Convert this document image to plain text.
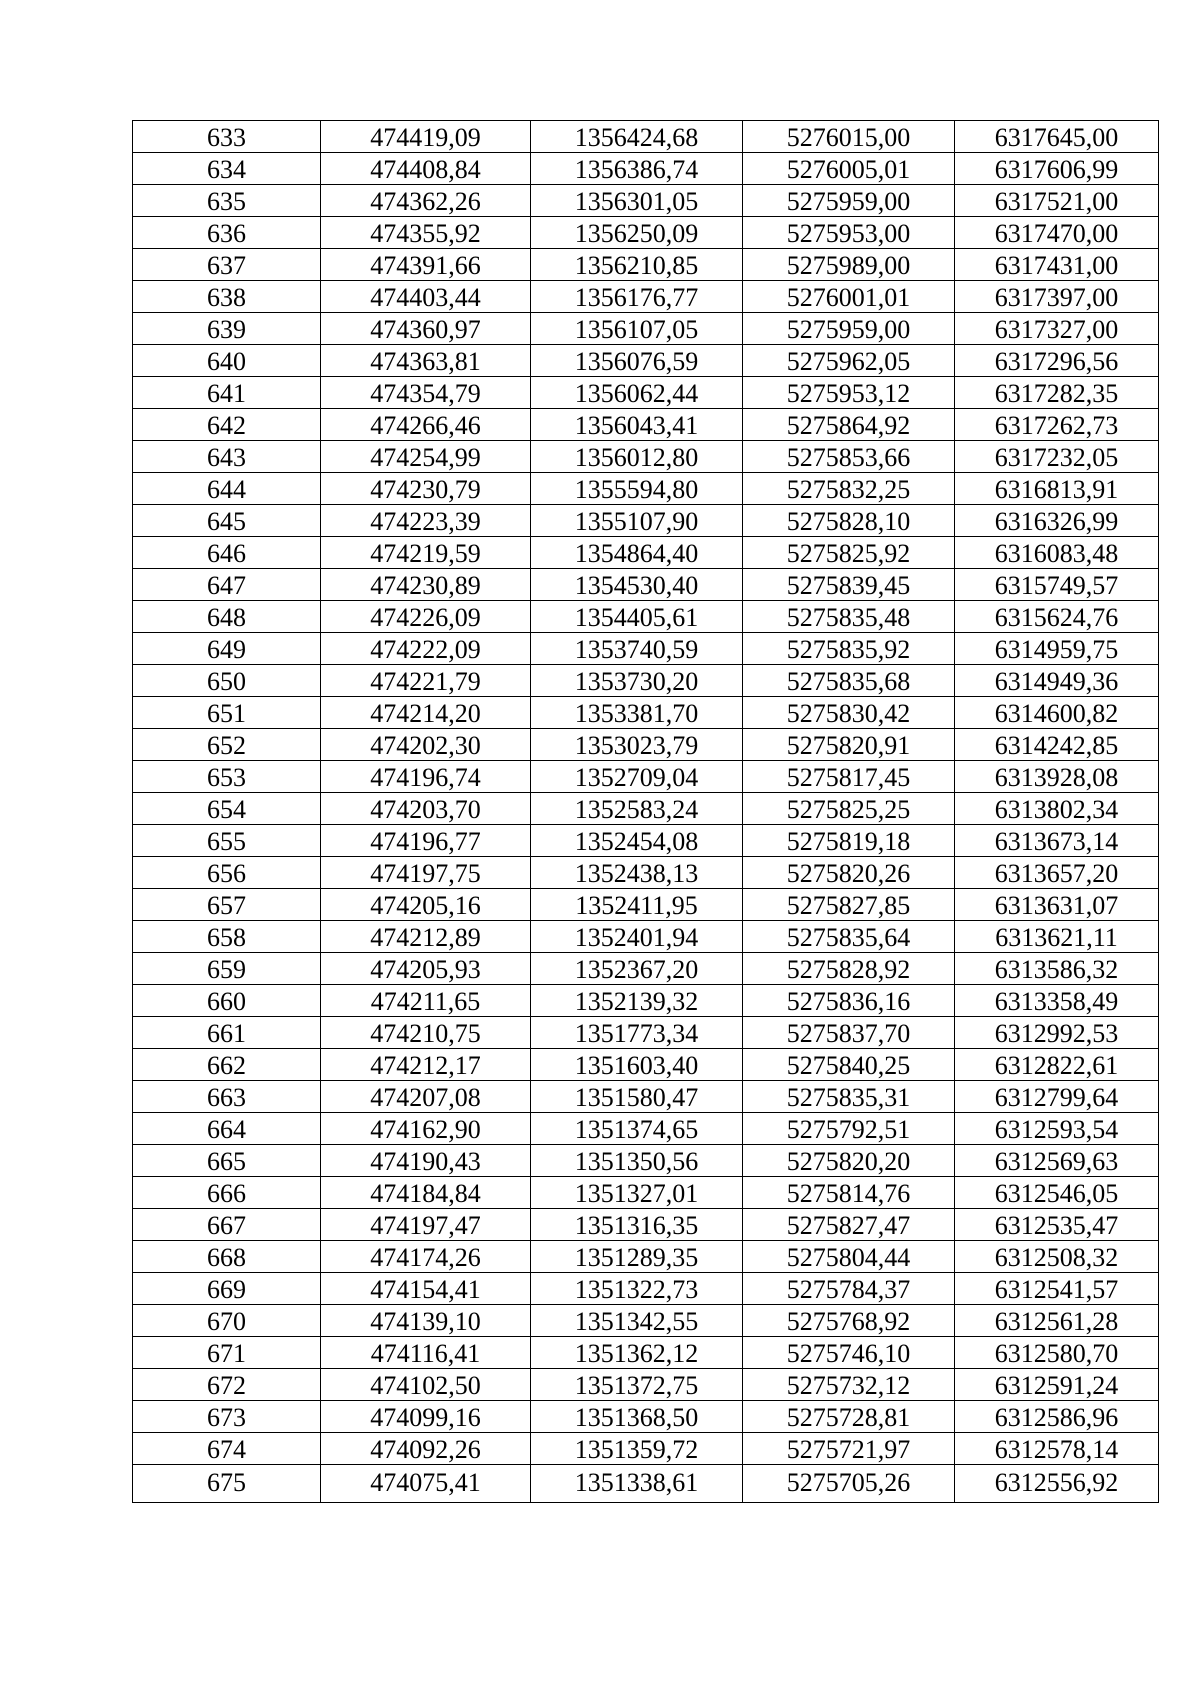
633	474419,09	1356424,68	5276015,00	6317645,00
634	474408,84	1356386,74	5276005,01	6317606,99
635	474362,26	1356301,05	5275959,00	6317521,00
636	474355,92	1356250,09	5275953,00	6317470,00
637	474391,66	1356210,85	5275989,00	6317431,00
638	474403,44	1356176,77	5276001,01	6317397,00
639	474360,97	1356107,05	5275959,00	6317327,00
640	474363,81	1356076,59	5275962,05	6317296,56
641	474354,79	1356062,44	5275953,12	6317282,35
642	474266,46	1356043,41	5275864,92	6317262,73
643	474254,99	1356012,80	5275853,66	6317232,05
644	474230,79	1355594,80	5275832,25	6316813,91
645	474223,39	1355107,90	5275828,10	6316326,99
646	474219,59	1354864,40	5275825,92	6316083,48
647	474230,89	1354530,40	5275839,45	6315749,57
648	474226,09	1354405,61	5275835,48	6315624,76
649	474222,09	1353740,59	5275835,92	6314959,75
650	474221,79	1353730,20	5275835,68	6314949,36
651	474214,20	1353381,70	5275830,42	6314600,82
652	474202,30	1353023,79	5275820,91	6314242,85
653	474196,74	1352709,04	5275817,45	6313928,08
654	474203,70	1352583,24	5275825,25	6313802,34
655	474196,77	1352454,08	5275819,18	6313673,14
656	474197,75	1352438,13	5275820,26	6313657,20
657	474205,16	1352411,95	5275827,85	6313631,07
658	474212,89	1352401,94	5275835,64	6313621,11
659	474205,93	1352367,20	5275828,92	6313586,32
660	474211,65	1352139,32	5275836,16	6313358,49
661	474210,75	1351773,34	5275837,70	6312992,53
662	474212,17	1351603,40	5275840,25	6312822,61
663	474207,08	1351580,47	5275835,31	6312799,64
664	474162,90	1351374,65	5275792,51	6312593,54
665	474190,43	1351350,56	5275820,20	6312569,63
666	474184,84	1351327,01	5275814,76	6312546,05
667	474197,47	1351316,35	5275827,47	6312535,47
668	474174,26	1351289,35	5275804,44	6312508,32
669	474154,41	1351322,73	5275784,37	6312541,57
670	474139,10	1351342,55	5275768,92	6312561,28
671	474116,41	1351362,12	5275746,10	6312580,70
672	474102,50	1351372,75	5275732,12	6312591,24
673	474099,16	1351368,50	5275728,81	6312586,96
674	474092,26	1351359,72	5275721,97	6312578,14
675	474075,41	1351338,61	5275705,26	6312556,92
